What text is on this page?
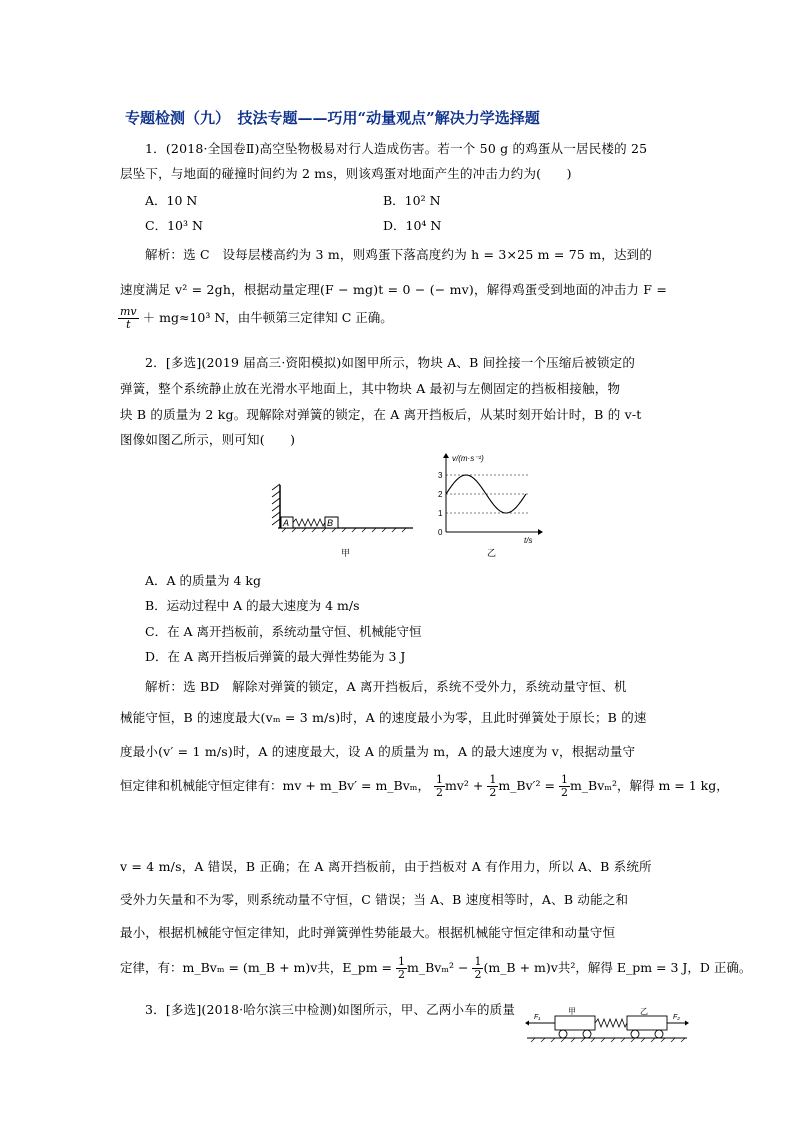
专题检测（九）　技法专题——巧用“动量观点”解决力学选择题
1．(2018·全国卷Ⅱ)高空坠物极易对行人造成伤害。若一个 50 g 的鸡蛋从一居民楼的 25
层坠下，与地面的碰撞时间约为 2 ms，则该鸡蛋对地面产生的冲击力约为(　　)
A．10 N	B．10² N
C．10³ N	D．10⁴ N
解析：选 C　设每层楼高约为 3 m，则鸡蛋下落高度约为 h = 3×25 m = 75 m，达到的
速度满足 v² = 2gh，根据动量定理(F − mg)t = 0 − (− mv)，解得鸡蛋受到地面的冲击力 F =
$\frac{mv}{t} + mg\approx 10^3$ N，由牛顿第三定律知 C 正确。
2．[多选](2019 届高三·资阳模拟)如图甲所示，物块 A、B 间拴接一个压缩后被锁定的
弹簧，整个系统静止放在光滑水平地面上，其中物块 A 最初与左侧固定的挡板相接触，物
块 B 的质量为 2 kg。现解除对弹簧的锁定，在 A 离开挡板后，从某时刻开始计时，B 的 v-t
图像如图乙所示，则可知(　　)
A	B
甲
v/(m·s⁻¹)
3
2
1
0
t/s
乙
A．A 的质量为 4 kg
B．运动过程中 A 的最大速度为 4 m/s
C．在 A 离开挡板前，系统动量守恒、机械能守恒
D．在 A 离开挡板后弹簧的最大弹性势能为 3 J
解析：选 BD　解除对弹簧的锁定，A 离开挡板后，系统不受外力，系统动量守恒、机
械能守恒，B 的速度最大(vₘ = 3 m/s)时，A 的速度最小为零，且此时弹簧处于原长；B 的速
度最小(v′ = 1 m/s)时，A 的速度最大，设 A 的质量为 m，A 的最大速度为 v，根据动量守
恒定律和机械能守恒定律有：mv + m_Bv′ = m_Bvₘ， $\frac{1}{2} mv^2 + \frac{1}{2}$ m_Bv′² = $\frac{1}{2}$ m_Bvₘ²，解得 m = 1 kg，
v = 4 m/s，A 错误，B 正确；在 A 离开挡板前，由于挡板对 A 有作用力，所以 A、B 系统所
受外力矢量和不为零，则系统动量不守恒，C 错误；当 A、B 速度相等时，A、B 动能之和
最小，根据机械能守恒定律知，此时弹簧弹性势能最大。根据机械能守恒定律和动量守恒
定律，有：m_Bvₘ = (m_B + m)v共，E_pm = $\frac{1}{2}$ m_Bvₘ² − $\frac{1}{2}$ (m_B + m)v共²，解得 E_pm = 3 J，D 正确。
3．[多选](2018·哈尔滨三中检测)如图所示，甲、乙两小车的质量
F₁
甲	乙
F₂
